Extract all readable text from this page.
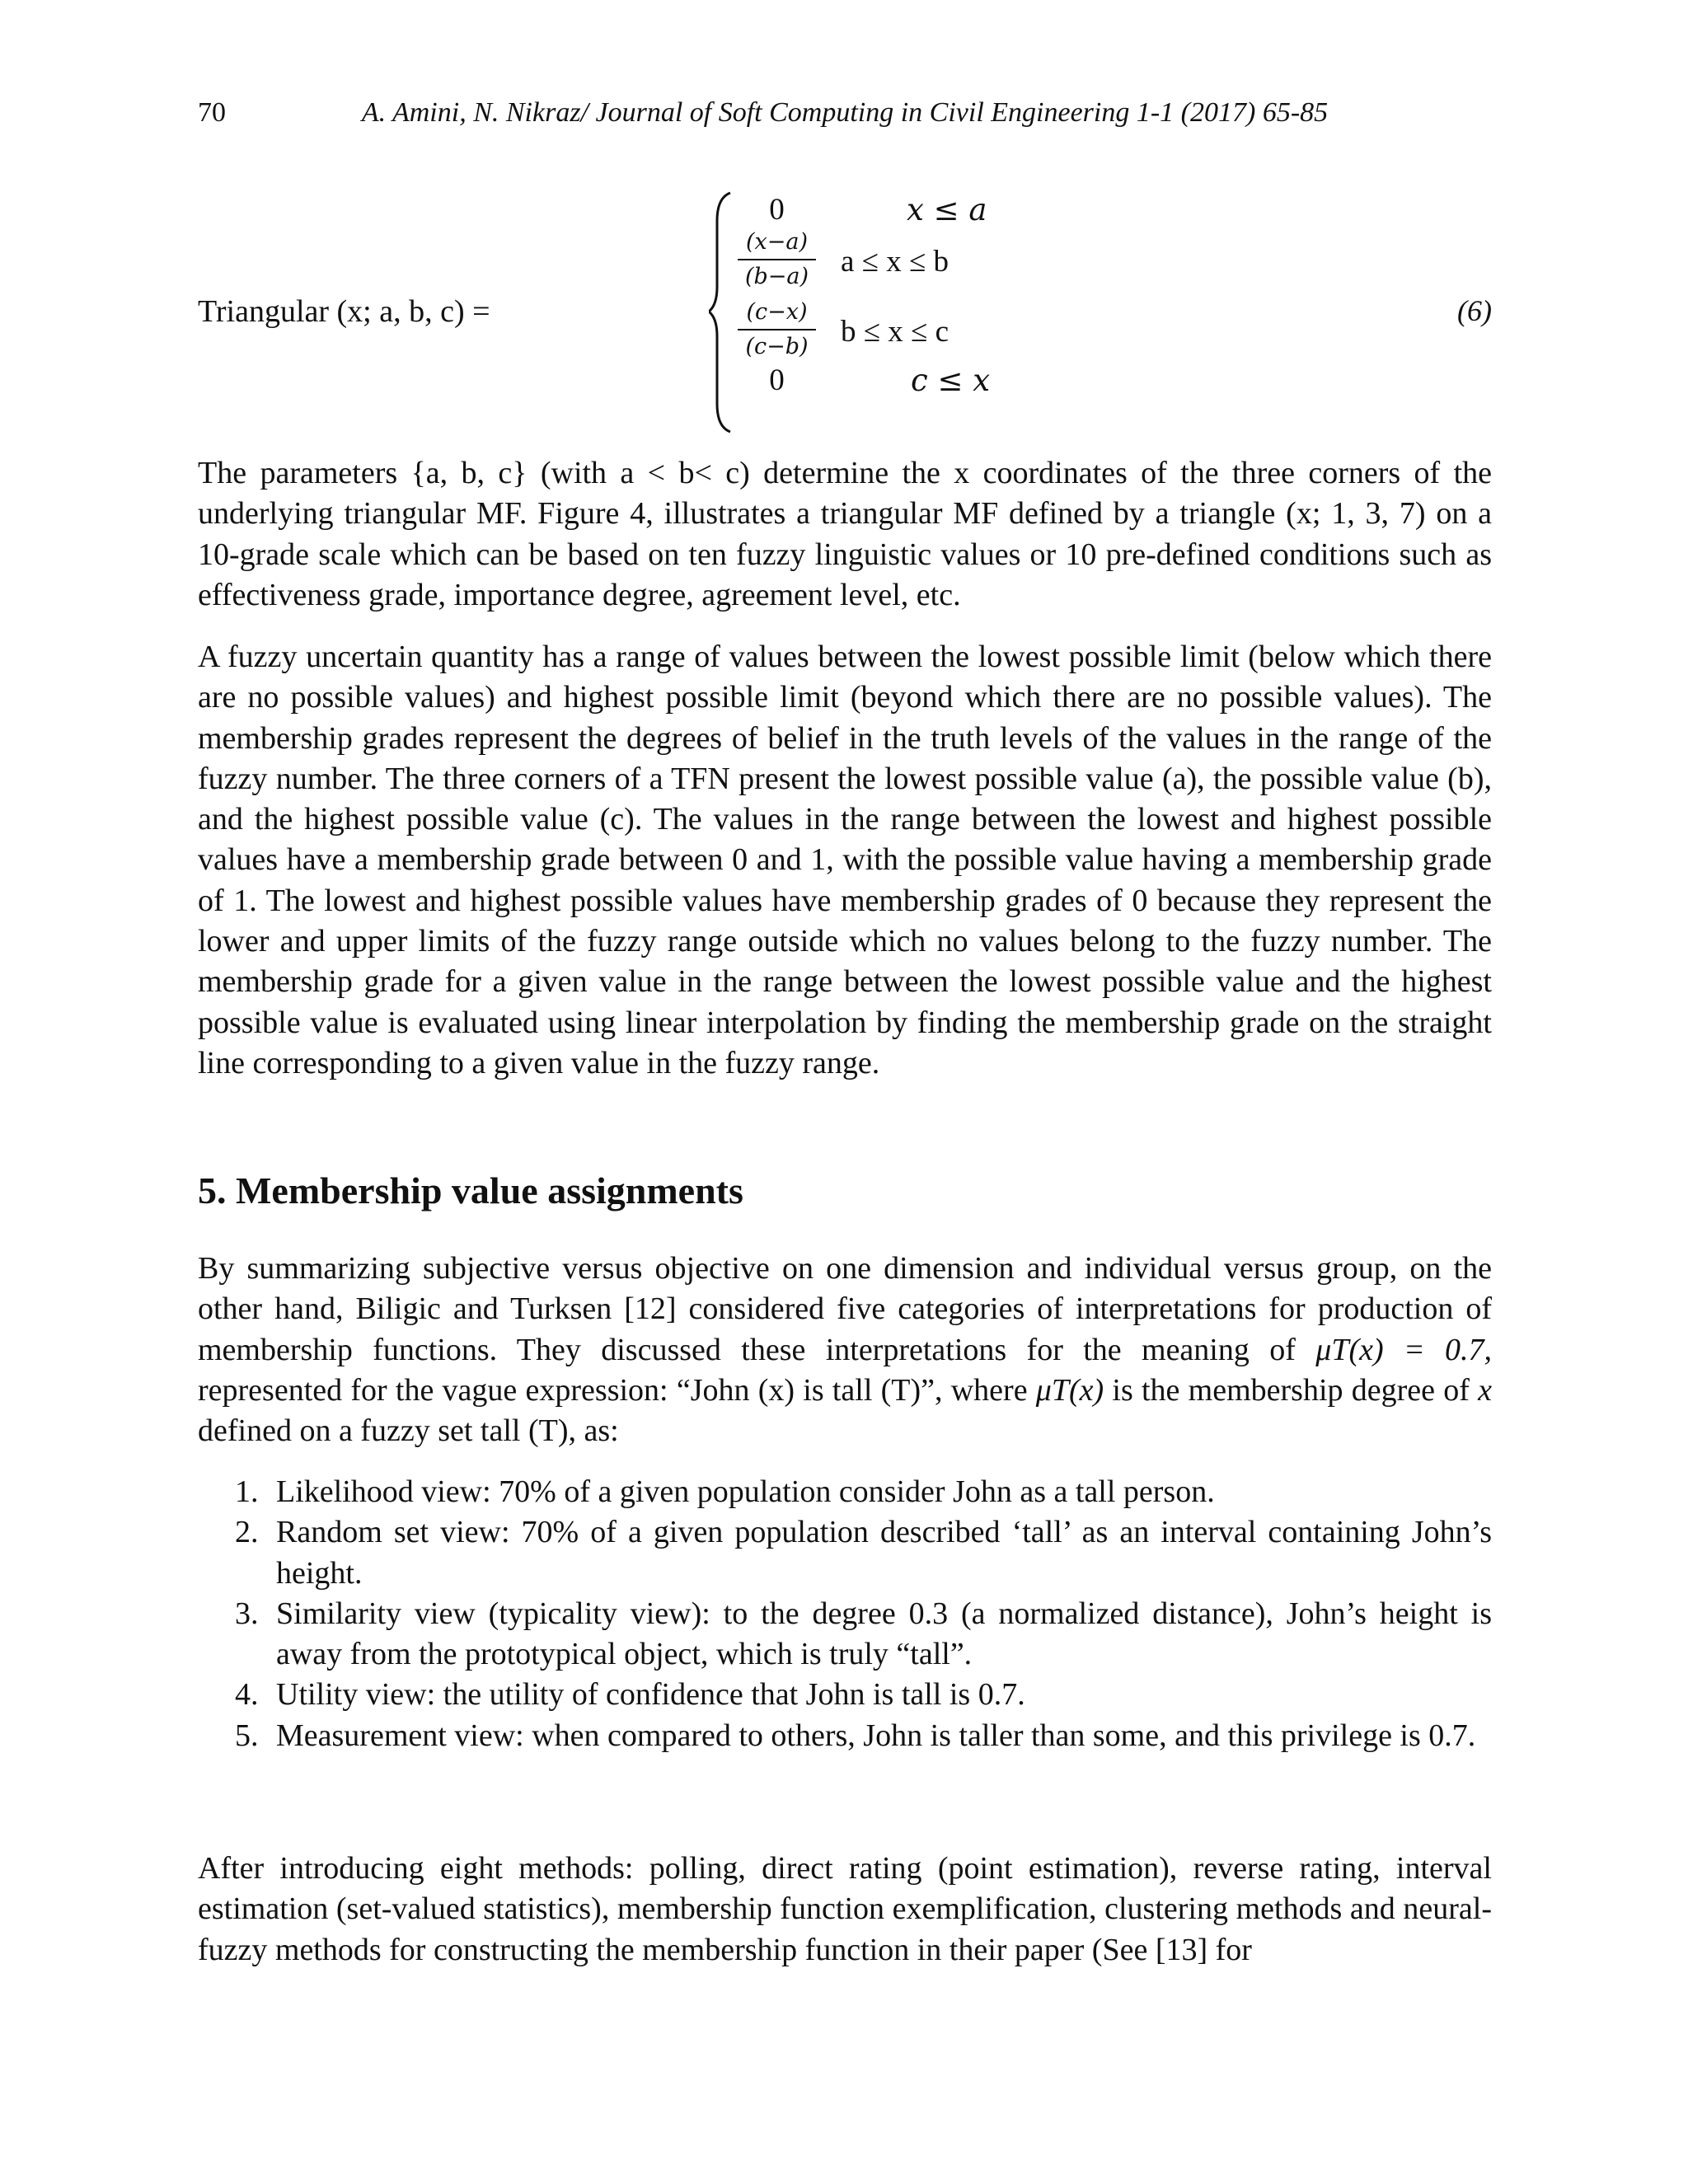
70	A. Amini, N. Nikraz/ Journal of Soft Computing in Civil Engineering 1-1 (2017) 65-85
Triangular (x; a, b, c) =
0	x ≤ a
(x−a)
(b−a) a ≤ x ≤ b
(c−x)
(c−b) b ≤ x ≤ c
0	c ≤ x
(6)

The parameters {a, b, c} (with a < b< c) determine the x coordinates of the three corners of the underlying triangular MF. Figure 4, illustrates a triangular MF defined by a triangle (x; 1, 3, 7) on a 10-grade scale which can be based on ten fuzzy linguistic values or 10 pre-defined conditions such as effectiveness grade, importance degree, agreement level, etc.

A fuzzy uncertain quantity has a range of values between the lowest possible limit (below which there are no possible values) and highest possible limit (beyond which there are no possible values). The membership grades represent the degrees of belief in the truth levels of the values in the range of the fuzzy number. The three corners of a TFN present the lowest possible value (a), the possible value (b), and the highest possible value (c). The values in the range between the lowest and highest possible values have a membership grade between 0 and 1, with the possible value having a membership grade of 1. The lowest and highest possible values have membership grades of 0 because they represent the lower and upper limits of the fuzzy range outside which no values belong to the fuzzy number. The membership grade for a given value in the range between the lowest possible value and the highest possible value is evaluated using linear interpolation by finding the membership grade on the straight line corresponding to a given value in the fuzzy range.

5. Membership value assignments

By summarizing subjective versus objective on one dimension and individual versus group, on the other hand, Biligic and Turksen [12] considered five categories of interpretations for production of membership functions. They discussed these interpretations for the meaning of μT(x) = 0.7, represented for the vague expression: “John (x) is tall (T)”, where μT(x) is the membership degree of x defined on a fuzzy set tall (T), as:

1. Likelihood view: 70% of a given population consider John as a tall person.
2. Random set view: 70% of a given population described ‘tall’ as an interval containing John’s height.
3. Similarity view (typicality view): to the degree 0.3 (a normalized distance), John’s height is away from the prototypical object, which is truly “tall”.
4. Utility view: the utility of confidence that John is tall is 0.7.
5. Measurement view: when compared to others, John is taller than some, and this privilege is 0.7.

After introducing eight methods: polling, direct rating (point estimation), reverse rating, interval estimation (set-valued statistics), membership function exemplification, clustering methods and neural-fuzzy methods for constructing the membership function in their paper (See [13] for
